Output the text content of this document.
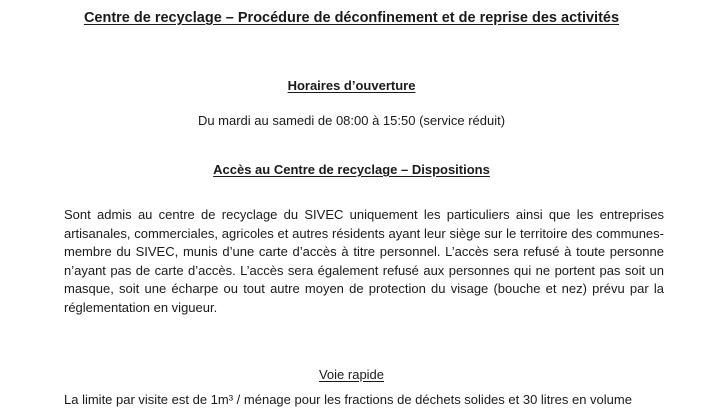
Centre de recyclage – Procédure de déconfinement et de reprise des activités
Horaires d’ouverture
Du mardi au samedi de 08:00 à 15:50 (service réduit)
Accès au Centre de recyclage – Dispositions

Sont admis au centre de recyclage du SIVEC uniquement les particuliers ainsi que les entreprises artisanales, commerciales, agricoles et autres résidents ayant leur siège sur le territoire des communes- membre du SIVEC, munis d’une carte d’accès à titre personnel. L’accès sera refusé à toute personne n’ayant pas de carte d’accès. L’accès sera également refusé aux personnes qui ne portent pas soit un masque, soit une écharpe ou tout autre moyen de protection du visage (bouche et nez) prévu par la réglementation en vigueur.

Voie rapide

La limite par visite est de 1m³ / ménage pour les fractions de déchets solides et 30 litres en volume
